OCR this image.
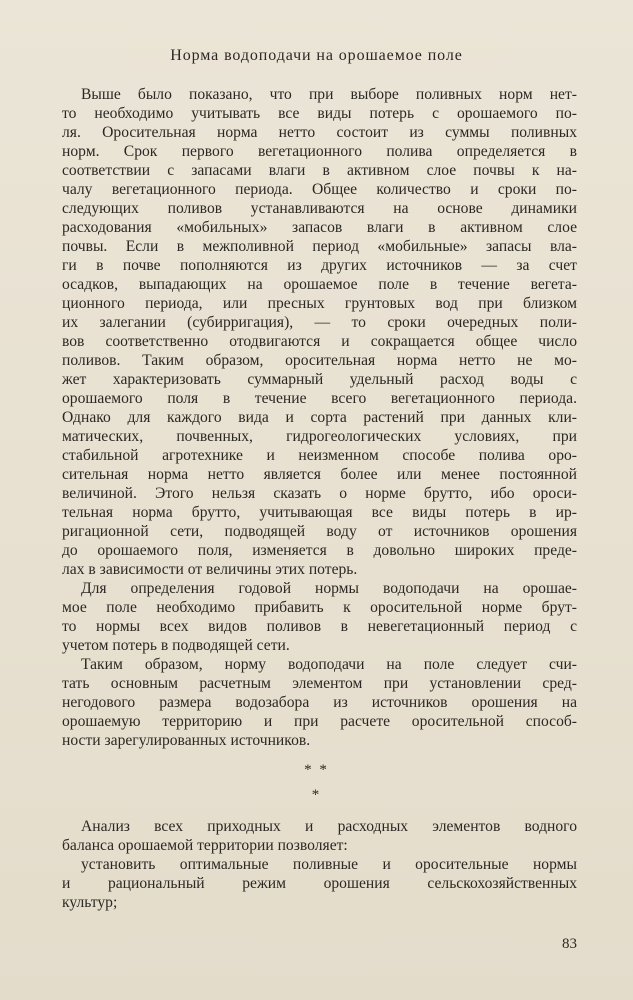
Норма водоподачи на орошаемое поле

Выше было показано, что при выборе поливных норм нет-

то необходимо учитывать все виды потерь с орошаемого по-

ля. Оросительная норма нетто состоит из суммы поливных

норм. Срок первого вегетационного полива определяется в

соответствии с запасами влаги в активном слое почвы к на-

чалу вегетационного периода. Общее количество и сроки по-

следующих поливов устанавливаются на основе динамики

расходования «мобильных» запасов влаги в активном слое

почвы. Если в межполивной период «мобильные» запасы вла-

ги в почве пополняются из других источников — за счет

осадков, выпадающих на орошаемое поле в течение вегета-

ционного периода, или пресных грунтовых вод при близком

их залегании (субирригация), — то сроки очередных поли-

вов соответственно отодвигаются и сокращается общее число

поливов. Таким образом, оросительная норма нетто не мо-

жет характеризовать суммарный удельный расход воды с

орошаемого поля в течение всего вегетационного периода.

Однако для каждого вида и сорта растений при данных кли-

матических, почвенных, гидрогеологических условиях, при

стабильной агротехнике и неизменном способе полива оро-

сительная норма нетто является более или менее постоянной

величиной. Этого нельзя сказать о норме брутто, ибо ороси-

тельная норма брутто, учитывающая все виды потерь в ир-

ригационной сети, подводящей воду от источников орошения

до орошаемого поля, изменяется в довольно широких преде-

лах в зависимости от величины этих потерь.

Для определения годовой нормы водоподачи на орошае-

мое поле необходимо прибавить к оросительной норме брут-

то нормы всех видов поливов в невегетационный период с

учетом потерь в подводящей сети.

Таким образом, норму водоподачи на поле следует счи-

тать основным расчетным элементом при установлении сред-

негодового размера водозабора из источников орошения на

орошаемую территорию и при расчете оросительной способ-

ности зарегулированных источников.

* *
*

Анализ всех приходных и расходных элементов водного

баланса орошаемой территории позволяет:

установить оптимальные поливные и оросительные нормы

и рациональный режим орошения сельскохозяйственных

культур;

83
